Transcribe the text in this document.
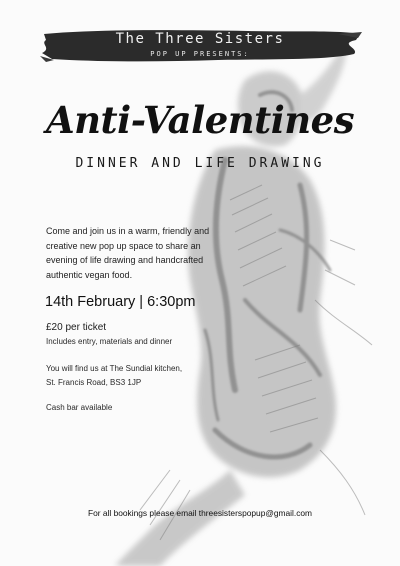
The Three Sisters
POP UP PRESENTS:
Anti-Valentines
DINNER AND LIFE DRAWING
Come and join us in a warm, friendly and creative new pop up space to share an evening of life drawing and handcrafted authentic vegan food.
14th February | 6:30pm
£20 per ticket
Includes entry, materials and dinner
You will find us at The Sundial kitchen,
St. Francis Road, BS3 1JP
Cash bar available
For all bookings please email threesisterspopup@gmail.com
